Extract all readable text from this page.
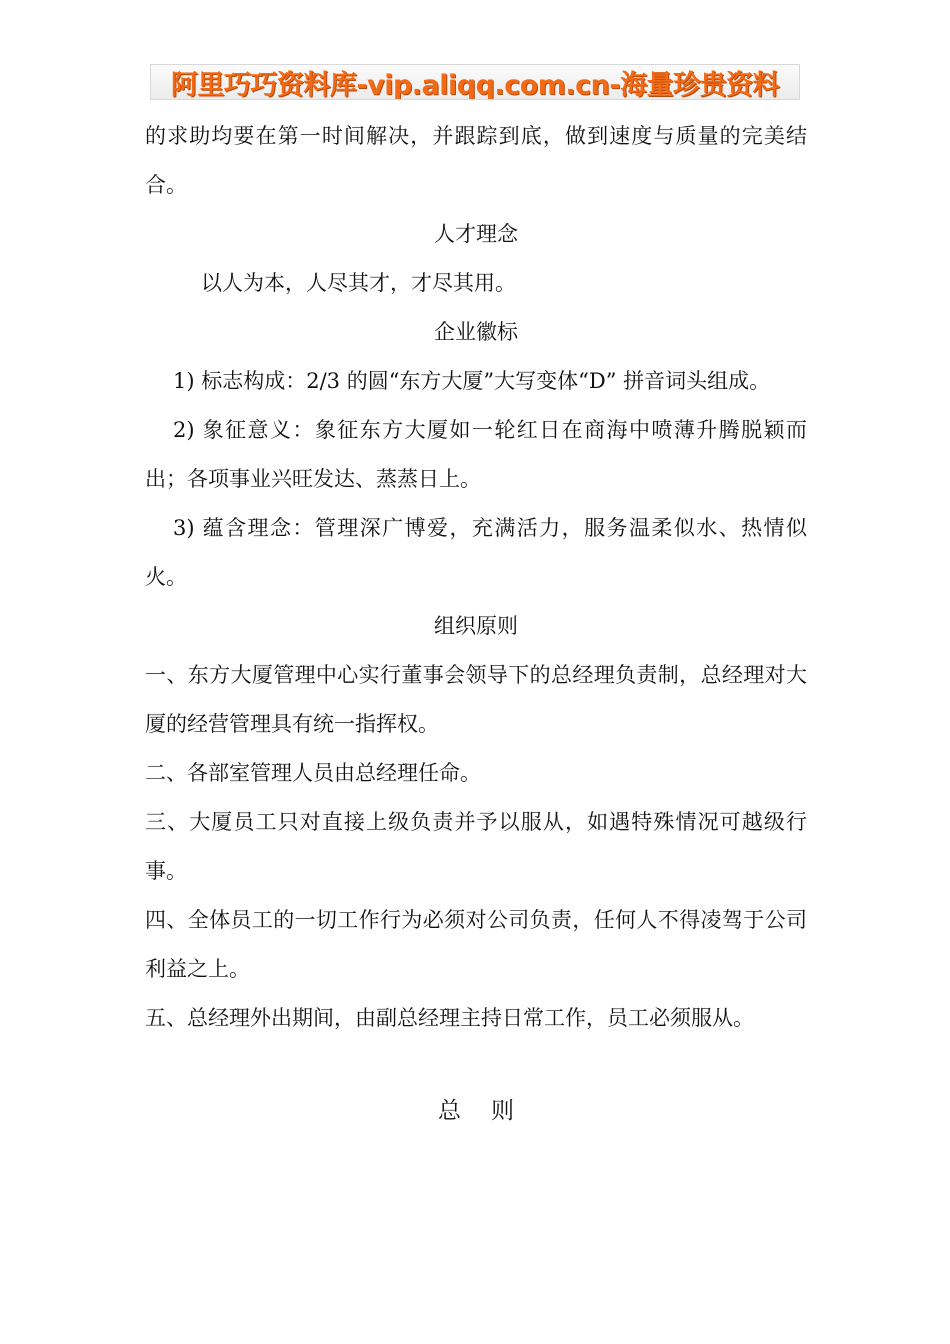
阿里巧巧资料库-vip.aliqq.com.cn-海量珍贵资料

的求助均要在第一时间解决，并跟踪到底，做到速度与质量的完美结合。

人才理念

以人为本，人尽其才，才尽其用。

企业徽标

1) 标志构成：2/3 的圆“东方大厦”大写变体“D” 拼音词头组成。

2) 象征意义：象征东方大厦如一轮红日在商海中喷薄升腾脱颖而出；各项事业兴旺发达、蒸蒸日上。

3) 蕴含理念：管理深广博爱，充满活力，服务温柔似水、热情似火。

组织原则

一、东方大厦管理中心实行董事会领导下的总经理负责制，总经理对大厦的经营管理具有统一指挥权。

二、各部室管理人员由总经理任命。

三、大厦员工只对直接上级负责并予以服从，如遇特殊情况可越级行事。

四、全体员工的一切工作行为必须对公司负责，任何人不得凌驾于公司利益之上。

五、总经理外出期间，由副总经理主持日常工作，员工必须服从。

总则
